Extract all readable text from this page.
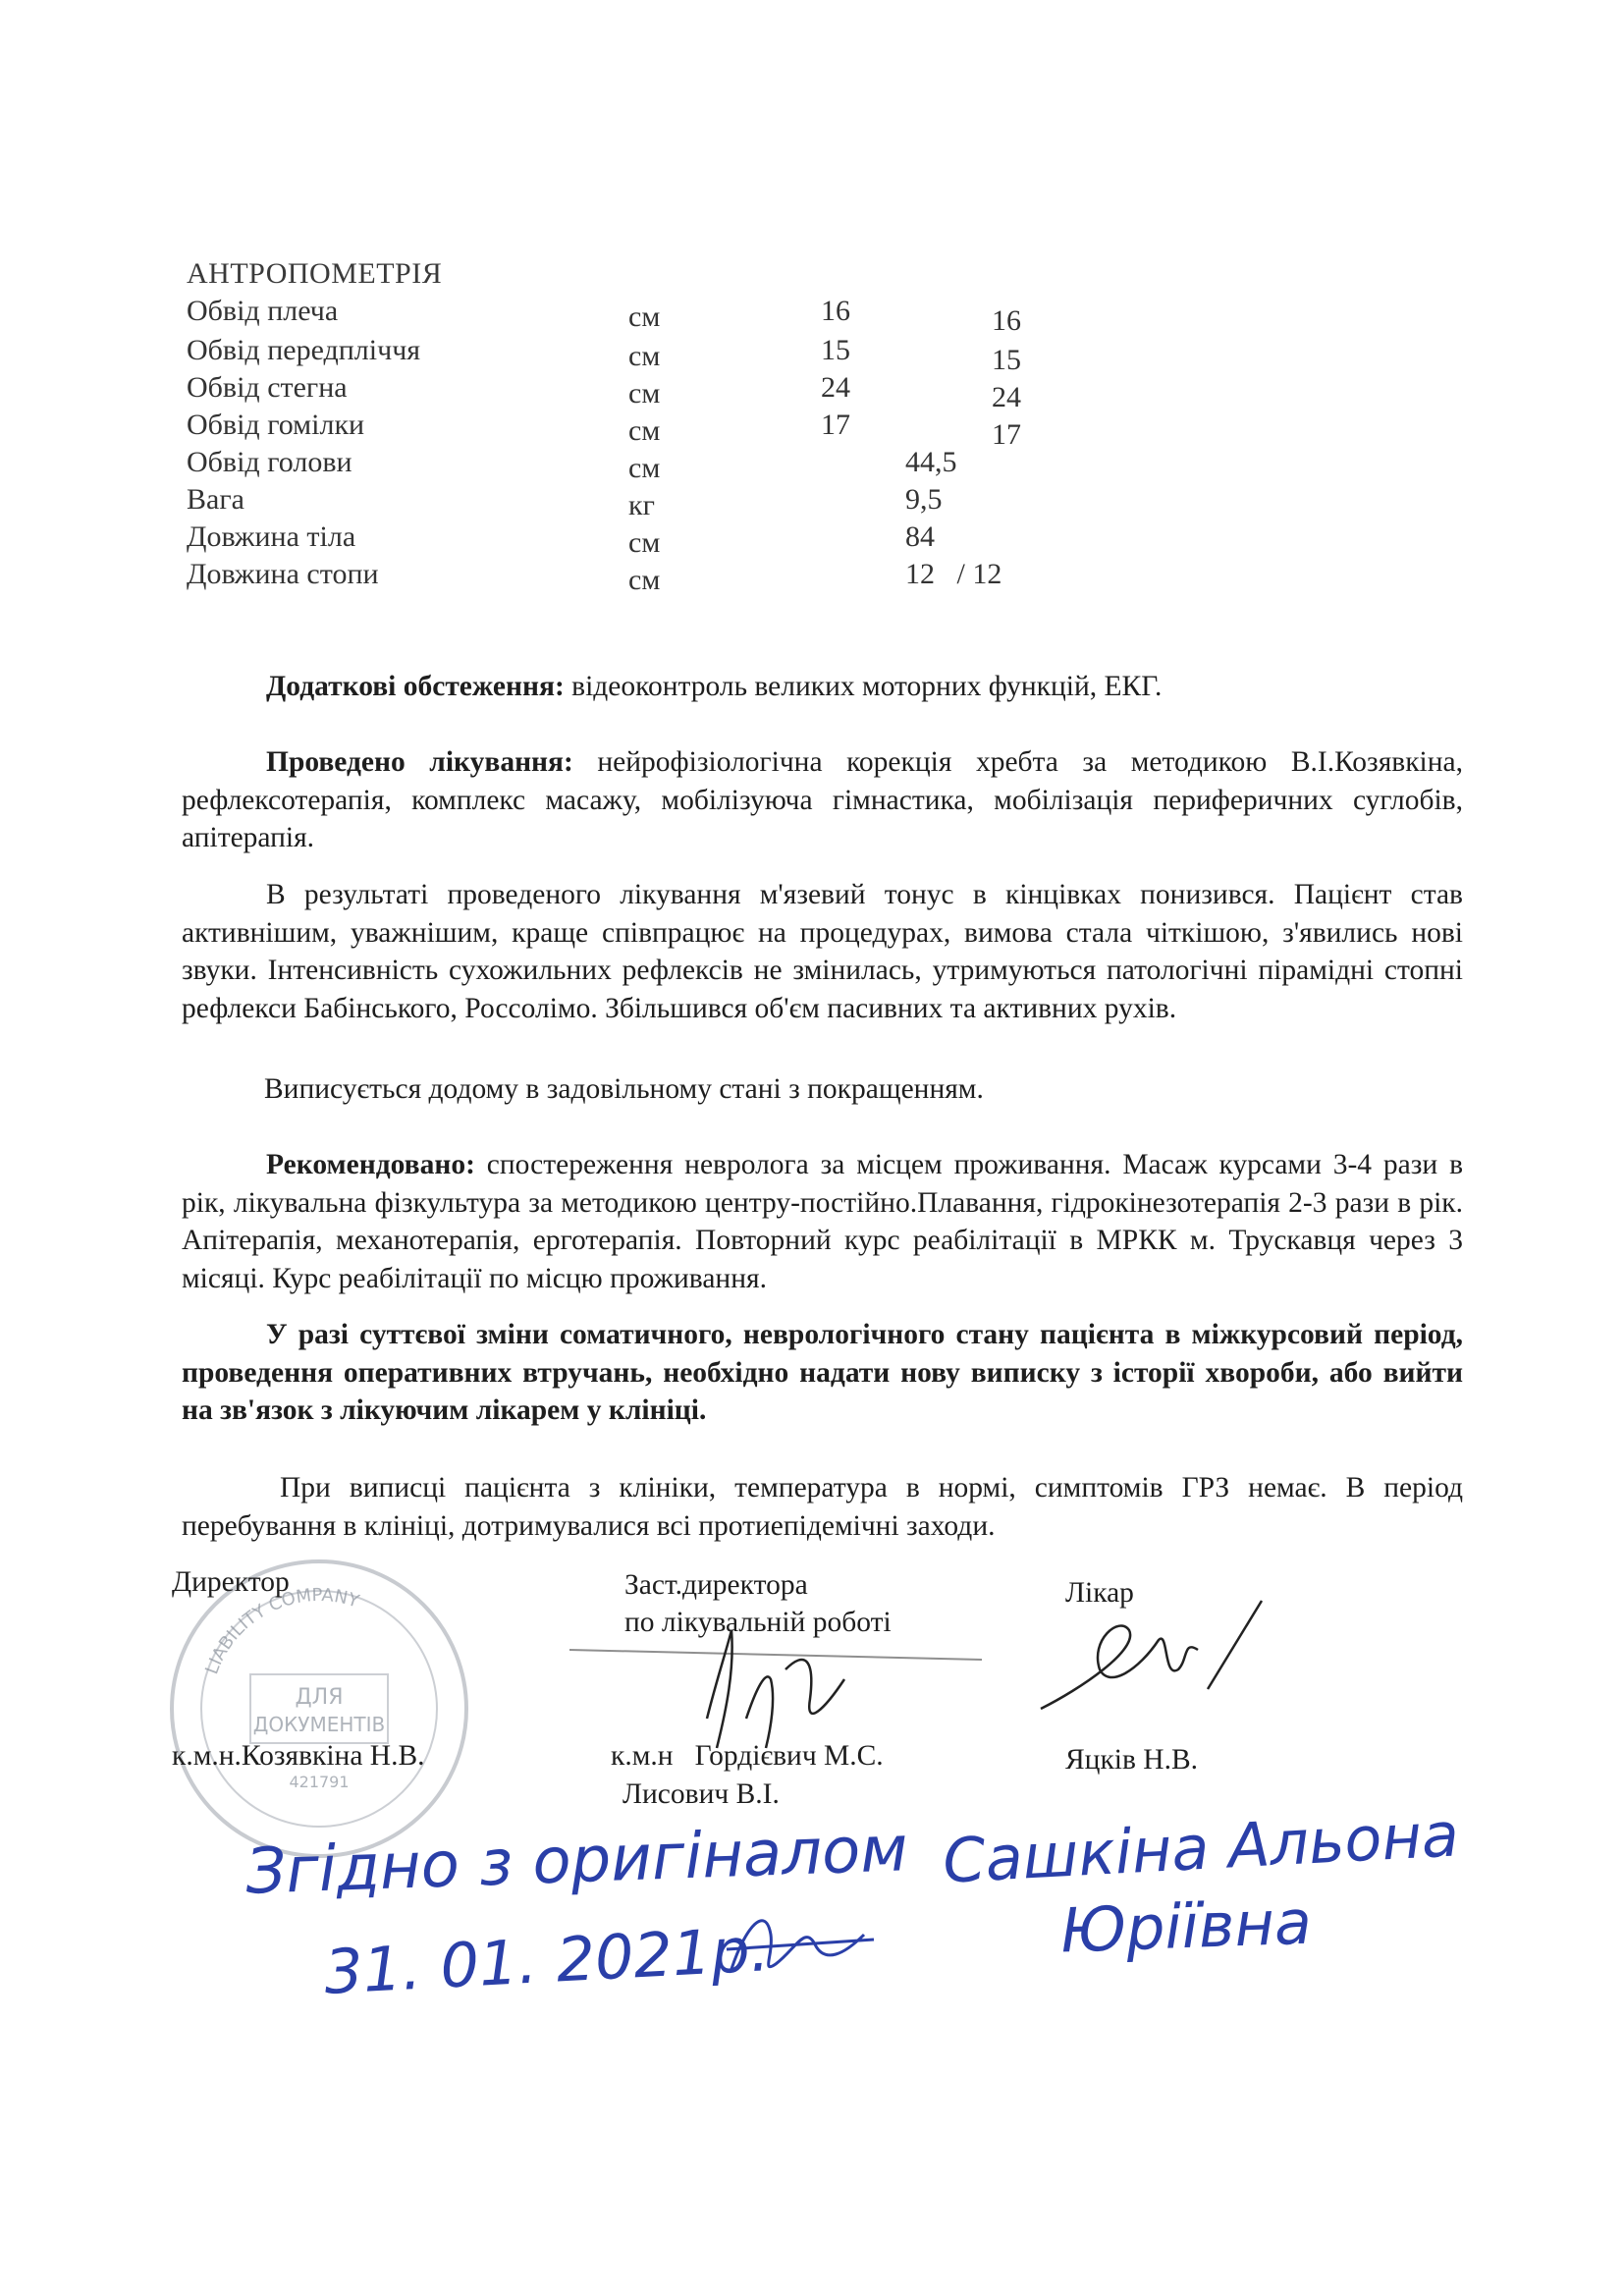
АНТРОПОМЕТРІЯ
Обвід плеча	см	16	16
Обвід передпліччя	см	15	15
Обвід стегна	см	24	24
Обвід гомілки	см	17	17
Обвід голови	см	44,5
Вага	кг	9,5
Довжина тіла	см	84
Довжина стопи	см	12   / 12
Додаткові обстеження: відеоконтроль великих моторних функцій, ЕКГ.
Проведено лікування: нейрофізіологічна корекція хребта за методикою В.І.Козявкіна, рефлексотерапія, комплекс масажу, мобілізуюча гімнастика, мобілізація периферичних суглобів, апітерапія.
В результаті проведеного лікування м'язевий тонус в кінцівках понизився. Пацієнт став активнішим, уважнішим, краще співпрацює на процедурах, вимова стала чіткішою, з'явились нові звуки. Інтенсивність сухожильних рефлексів не змінилась, утримуються патологічні пірамідні стопні рефлекси Бабінського, Россолімо. Збільшився об'єм пасивних та активних рухів.
Виписується додому в задовільному стані з покращенням.
Рекомендовано: спостереження невролога за місцем проживання. Масаж курсами 3-4 рази в рік, лікувальна фізкультура за методикою центру-постійно.Плавання, гідрокінезотерапія 2-3 рази в рік. Апітерапія, механотерапія, ерготерапія. Повторний курс реабілітації в МРКК м. Трускавця через 3 місяці. Курс реабілітації по місцю проживання.
У разі суттєвої зміни соматичного, неврологічного стану пацієнта в міжкурсовий період, проведення оперативних втручань, необхідно надати нову виписку з історії хвороби, або вийти на зв'язок з лікуючим лікарем у клініці.
При виписці пацієнта з клініки, температура в нормі, симптомів ГРЗ немає. В період перебування в клініці, дотримувалися всі протиепідемічні заходи.
LIABILITY COMPANY
ДЛЯ
ДОКУМЕНТІВ
421791
Директор
к.м.н.Козявкіна Н.В.
Заст.директора
по лікувальній роботі
к.м.н   Гордієвич М.С.
Лисович В.І.
Лікар
Яцків Н.В.
Згідно з оригіналом
31. 01. 2021р.
Сашкіна Альона
Юріївна
